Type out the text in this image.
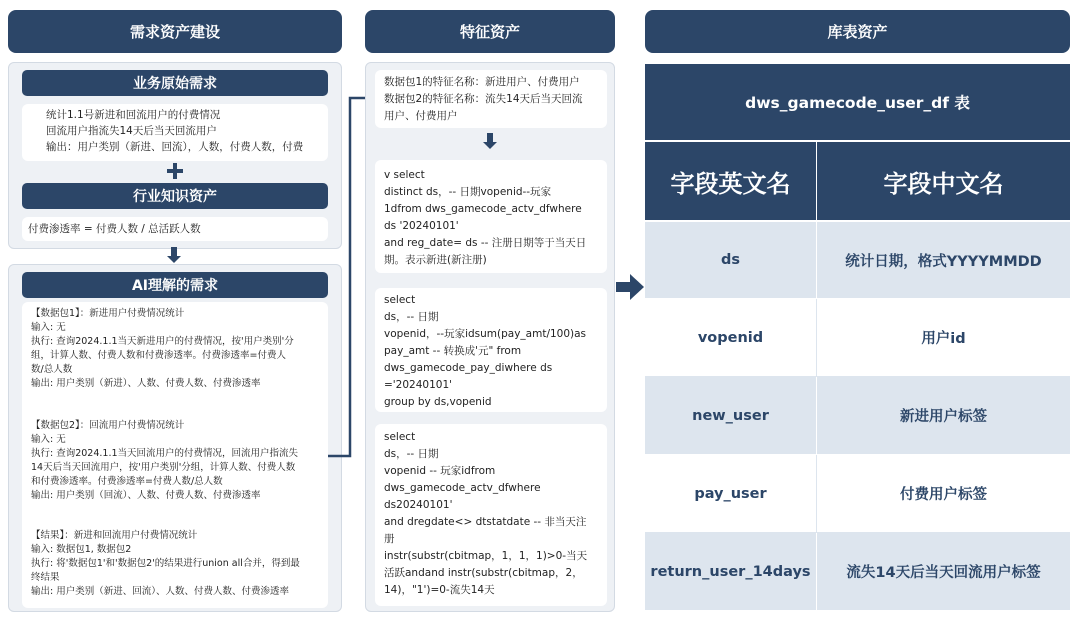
需求资产建设
业务原始需求
统计1.1号新进和回流用户的付费情况
回流用户指流失14天后当天回流用户
输出：用户类别（新进、回流），人数，付费人数，付费
行业知识资产
付费渗透率 = 付费人数 / 总活跃人数
AI理解的需求
【数据包1】：新进用户付费情况统计
输入: 无
执行: 查询2024.1.1当天新进用户的付费情况，按'用户类别'分
组，计算人数、付费人数和付费渗透率。付费渗透率=付费人
数/总人数
输出: 用户类别（新进）、人数、付费人数、付费渗透率
【数据包2】：回流用户付费情况统计
输入: 无
执行: 查询2024.1.1当天回流用户的付费情况，回流用户指流失
14天后当天回流用户，按'用户类别'分组，计算人数、付费人数
和付费渗透率。付费渗透率=付费人数/总人数
输出: 用户类别（回流）、人数、付费人数、付费渗透率
【结果】：新进和回流用户付费情况统计
输入: 数据包1, 数据包2
执行: 将'数据包1'和'数据包2'的结果进行union all合并，得到最
终结果
输出: 用户类别（新进、回流）、人数、付费人数、付费渗透率
特征资产
数据包1的特征名称：新进用户、付费用户
数据包2的特征名称：流失14天后当天回流
用户、付费用户
v select
distinct ds，-- 日期vopenid--玩家
1dfrom dws_gamecode_actv_dfwhere
ds '20240101'
and reg_date= ds -- 注册日期等于当天日
期。表示新进(新注册)
select
ds，-- 日期
vopenid，--玩家idsum(pay_amt/100)as
pay_amt -- 转换成'元" from
dws_gamecode_pay_diwhere ds
='20240101'
group by ds,vopenid
select
ds，-- 日期
vopenid -- 玩家idfrom
dws_gamecode_actv_dfwhere
ds20240101'
and dregdate<> dtstatdate -- 非当天注
册
instr(substr(cbitmap，1，1，1)>0-当天
活跃andand instr(substr(cbitmap，2，
14)，"1')=0-流失14天
库表资产
dws_gamecode_user_df 表
字段英文名	字段中文名
ds	统计日期，格式YYYYMMDD
vopenid	用户id
new_user	新进用户标签
pay_user	付费用户标签
return_user_14days	流失14天后当天回流用户标签
